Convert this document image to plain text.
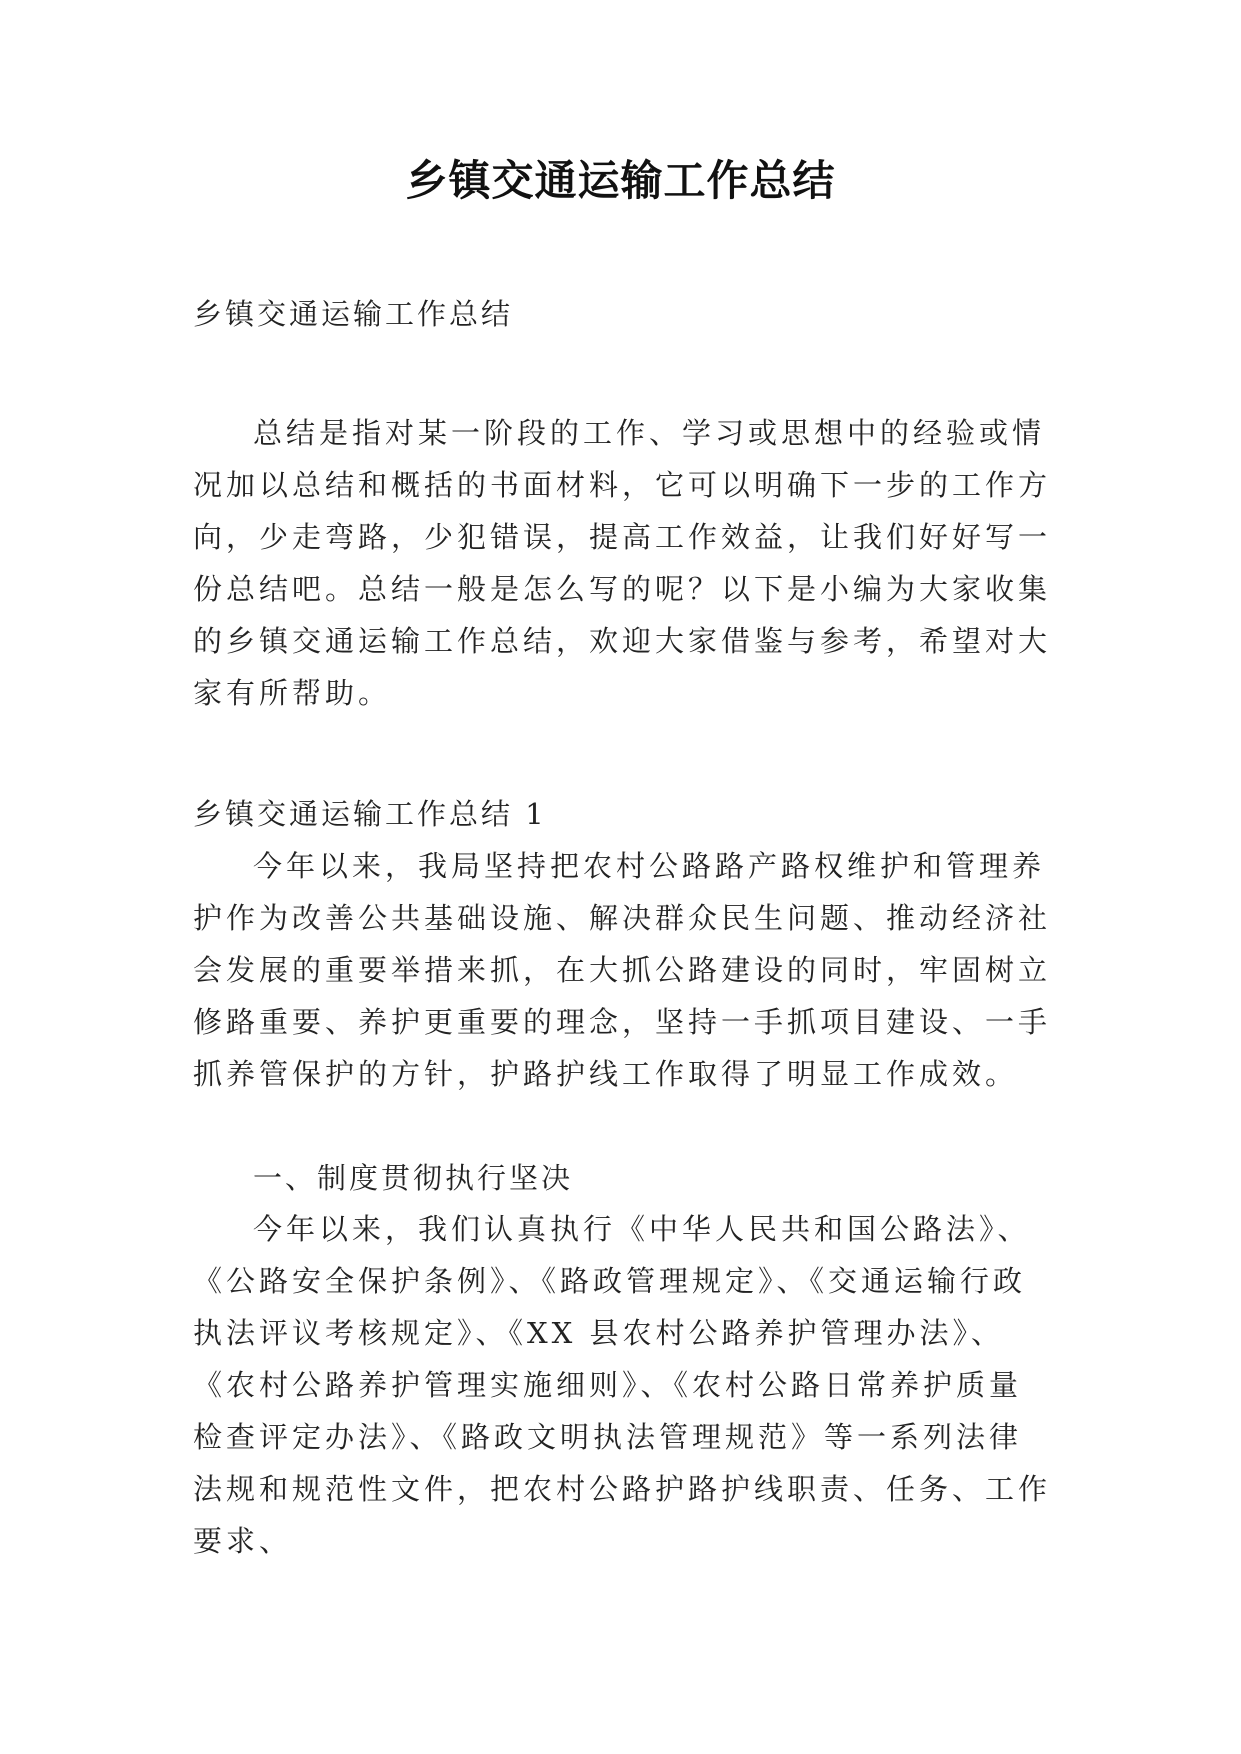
乡镇交通运输工作总结
乡镇交通运输工作总结
总结是指对某一阶段的工作、学习或思想中的经验或情况加以总结和概括的书面材料，它可以明确下一步的工作方向，少走弯路，少犯错误，提高工作效益，让我们好好写一份总结吧。总结一般是怎么写的呢？以下是小编为大家收集的乡镇交通运输工作总结，欢迎大家借鉴与参考，希望对大家有所帮助。
乡镇交通运输工作总结 1
今年以来，我局坚持把农村公路路产路权维护和管理养护作为改善公共基础设施、解决群众民生问题、推动经济社会发展的重要举措来抓，在大抓公路建设的同时，牢固树立修路重要、养护更重要的理念，坚持一手抓项目建设、一手抓养管保护的方针，护路护线工作取得了明显工作成效。
一、制度贯彻执行坚决
今年以来，我们认真执行《中华人民共和国公路法》、《公路安全保护条例》、《路政管理规定》、《交通运输行政执法评议考核规定》、《XX 县农村公路养护管理办法》、《农村公路养护管理实施细则》、《农村公路日常养护质量检查评定办法》、《路政文明执法管理规范》等一系列法律法规和规范性文件，把农村公路护路护线职责、任务、工作要求、
